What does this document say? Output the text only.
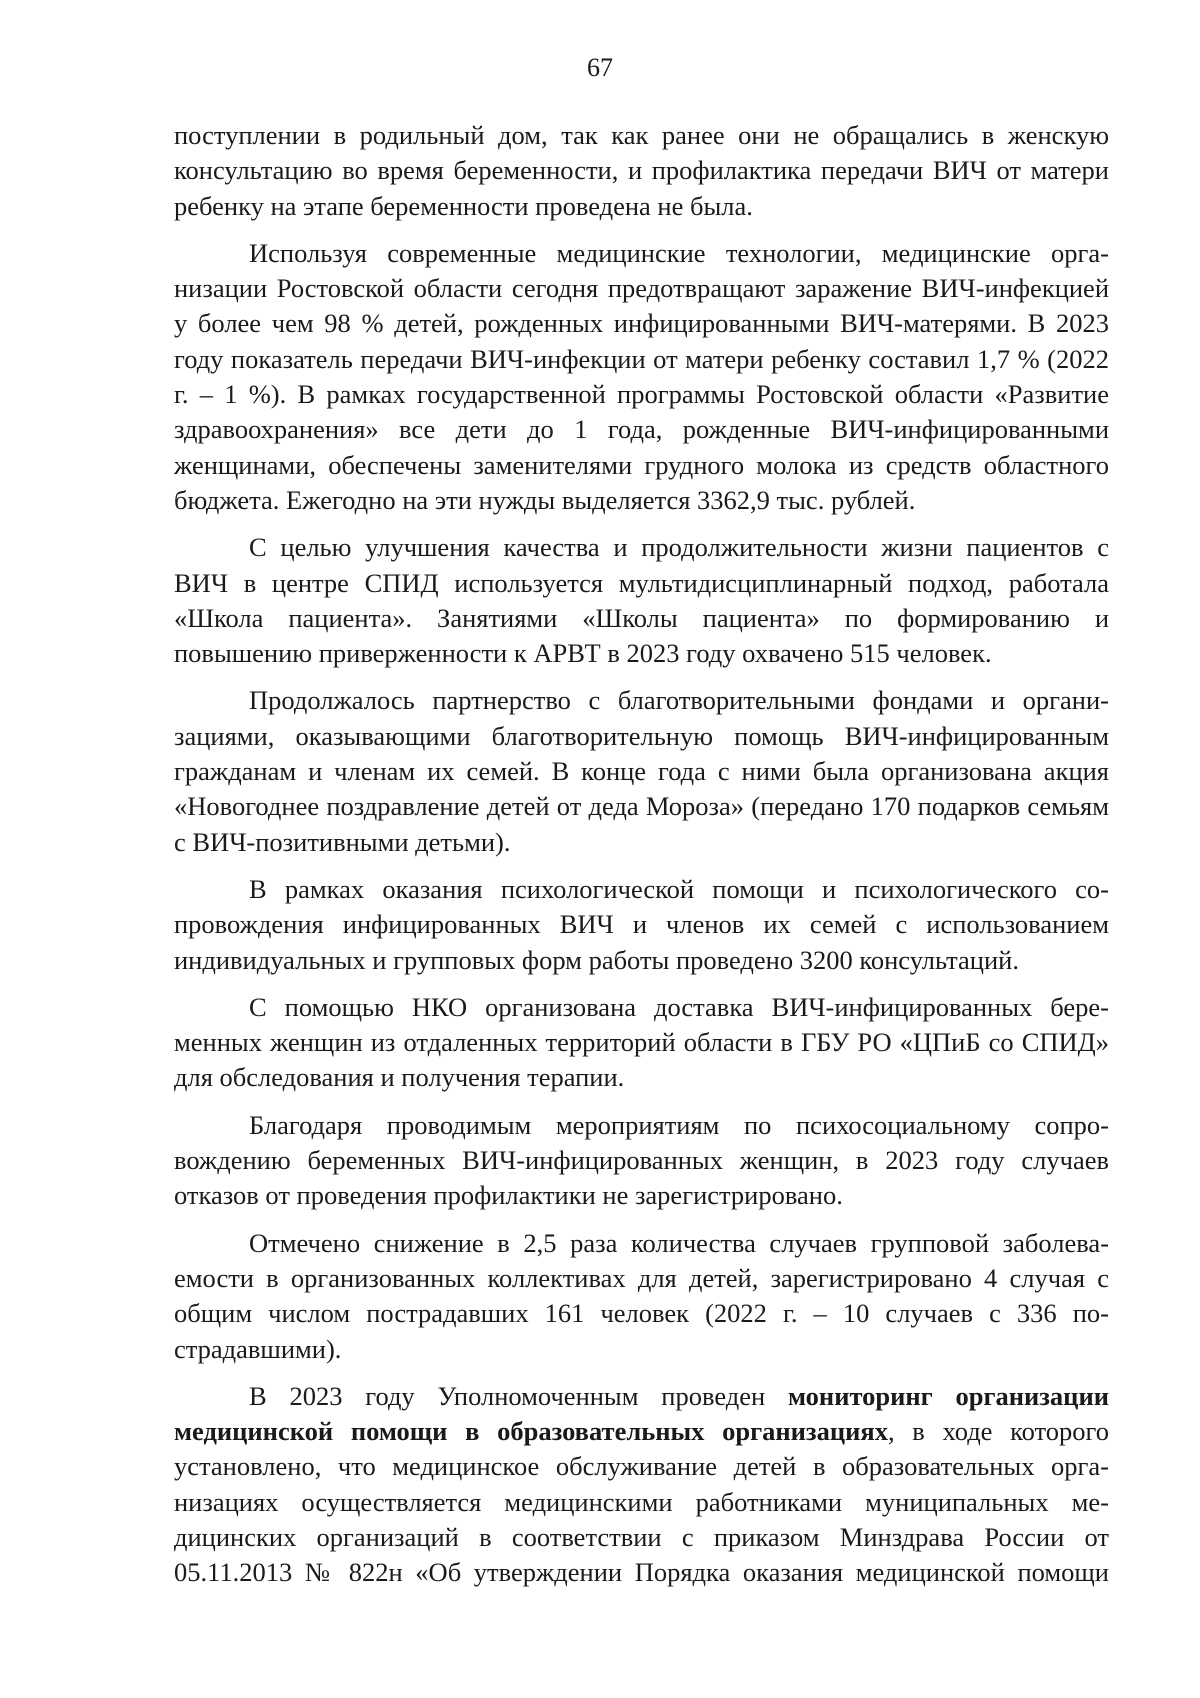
67

поступлении в родильный дом, так как ранее они не обращались в женскую консультацию во время беременности, и профилактика передачи ВИЧ от матери ребенку на этапе беременности проведена не была.

Используя современные медицинские технологии, медицинские организации Ростовской области сегодня предотвращают заражение ВИЧ-инфекцией у более чем 98 % детей, рожденных инфицированными ВИЧ-матерями. В 2023 году показатель передачи ВИЧ-инфекции от матери ребенку составил 1,7 % (2022 г. – 1 %). В рамках государственной программы Ростовской области «Развитие здравоохранения» все дети до 1 года, рожденные ВИЧ-инфицированными женщинами, обеспечены заменителями грудного молока из средств областного бюджета. Ежегодно на эти нужды выделяется 3362,9 тыс. рублей.

С целью улучшения качества и продолжительности жизни пациентов с ВИЧ в центре СПИД используется мультидисциплинарный подход, работала «Школа пациента». Занятиями «Школы пациента» по формированию и повышению приверженности к АРВТ в 2023 году охвачено 515 человек.

Продолжалось партнерство с благотворительными фондами и организациями, оказывающими благотворительную помощь ВИЧ-инфицированным гражданам и членам их семей. В конце года с ними была организована акция «Новогоднее поздравление детей от деда Мороза» (передано 170 подарков семьям с ВИЧ-позитивными детьми).

В рамках оказания психологической помощи и психологического сопровождения инфицированных ВИЧ и членов их семей с использованием индивидуальных и групповых форм работы проведено 3200 консультаций.

С помощью НКО организована доставка ВИЧ-инфицированных беременных женщин из отдаленных территорий области в ГБУ РО «ЦПиБ со СПИД» для обследования и получения терапии.

Благодаря проводимым мероприятиям по психосоциальному сопровождению беременных ВИЧ-инфицированных женщин, в 2023 году случаев отказов от проведения профилактики не зарегистрировано.

Отмечено снижение в 2,5 раза количества случаев групповой заболеваемости в организованных коллективах для детей, зарегистрировано 4 случая с общим числом пострадавших 161 человек (2022 г. – 10 случаев с 336 пострадавшими).

В 2023 году Уполномоченным проведен мониторинг организации медицинской помощи в образовательных организациях, в ходе которого установлено, что медицинское обслуживание детей в образовательных организациях осуществляется медицинскими работниками муниципальных медицинских организаций в соответствии с приказом Минздрава России от 05.11.2013 № 822н «Об утверждении Порядка оказания медицинской помощи
